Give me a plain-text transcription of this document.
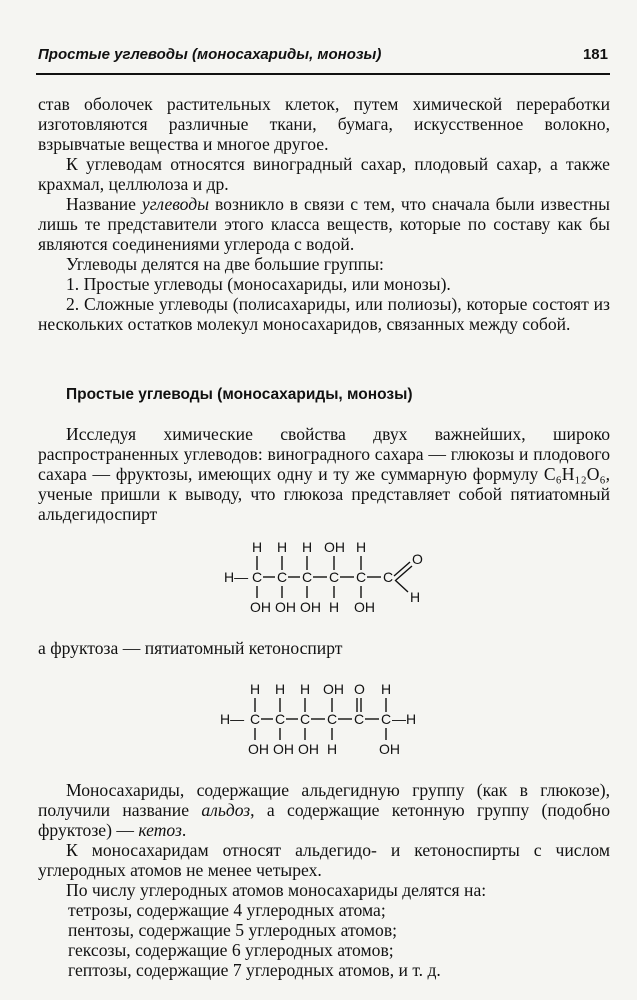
Простые углеводы (моносахариды, монозы)	181

став оболочек растительных клеток, путем химической переработки изготовляются различные ткани, бумага, искусственное волокно, взрывчатые вещества и многое другое.

К углеводам относятся виноградный сахар, плодовый сахар, а также крахмал, целлюлоза и др.

Название углеводы возникло в связи с тем, что сначала были известны лишь те представители этого класса веществ, которые по составу как бы являются соединениями углерода с водой.

Углеводы делятся на две большие группы:

1. Простые углеводы (моносахариды, или монозы).

2. Сложные углеводы (полисахариды, или полиозы), которые состоят из нескольких остатков молекул моносахаридов, связанных между собой.

Простые углеводы (моносахариды, монозы)

Исследуя химические свойства двух важнейших, широко распространенных углеводов: виноградного сахара — глюкозы и плодового сахара — фруктозы, имеющих одну и ту же суммарную формулу C₆H₁₂O₆, ученые пришли к выводу, что глюкоза представляет собой пятиатомный альдегидоспирт

H H H OH H
H— C C C C C C
O
H
OH OH OH H OH
а фруктоза — пятиатомный кетоноспирт
H H H OH O H
H— C C C C C C —H
OH OH OH H	OH

Моносахариды, содержащие альдегидную группу (как в глюкозе), получили название альдоз, а содержащие кетонную группу (подобно фруктозе) — кетоз.

К моносахаридам относят альдегидо- и кетоноспирты с числом углеродных атомов не менее четырех.

По числу углеродных атомов моносахариды делятся на:

тетрозы, содержащие 4 углеродных атома;
пентозы, содержащие 5 углеродных атомов;
гексозы, содержащие 6 углеродных атомов;
гептозы, содержащие 7 углеродных атомов, и т. д.
